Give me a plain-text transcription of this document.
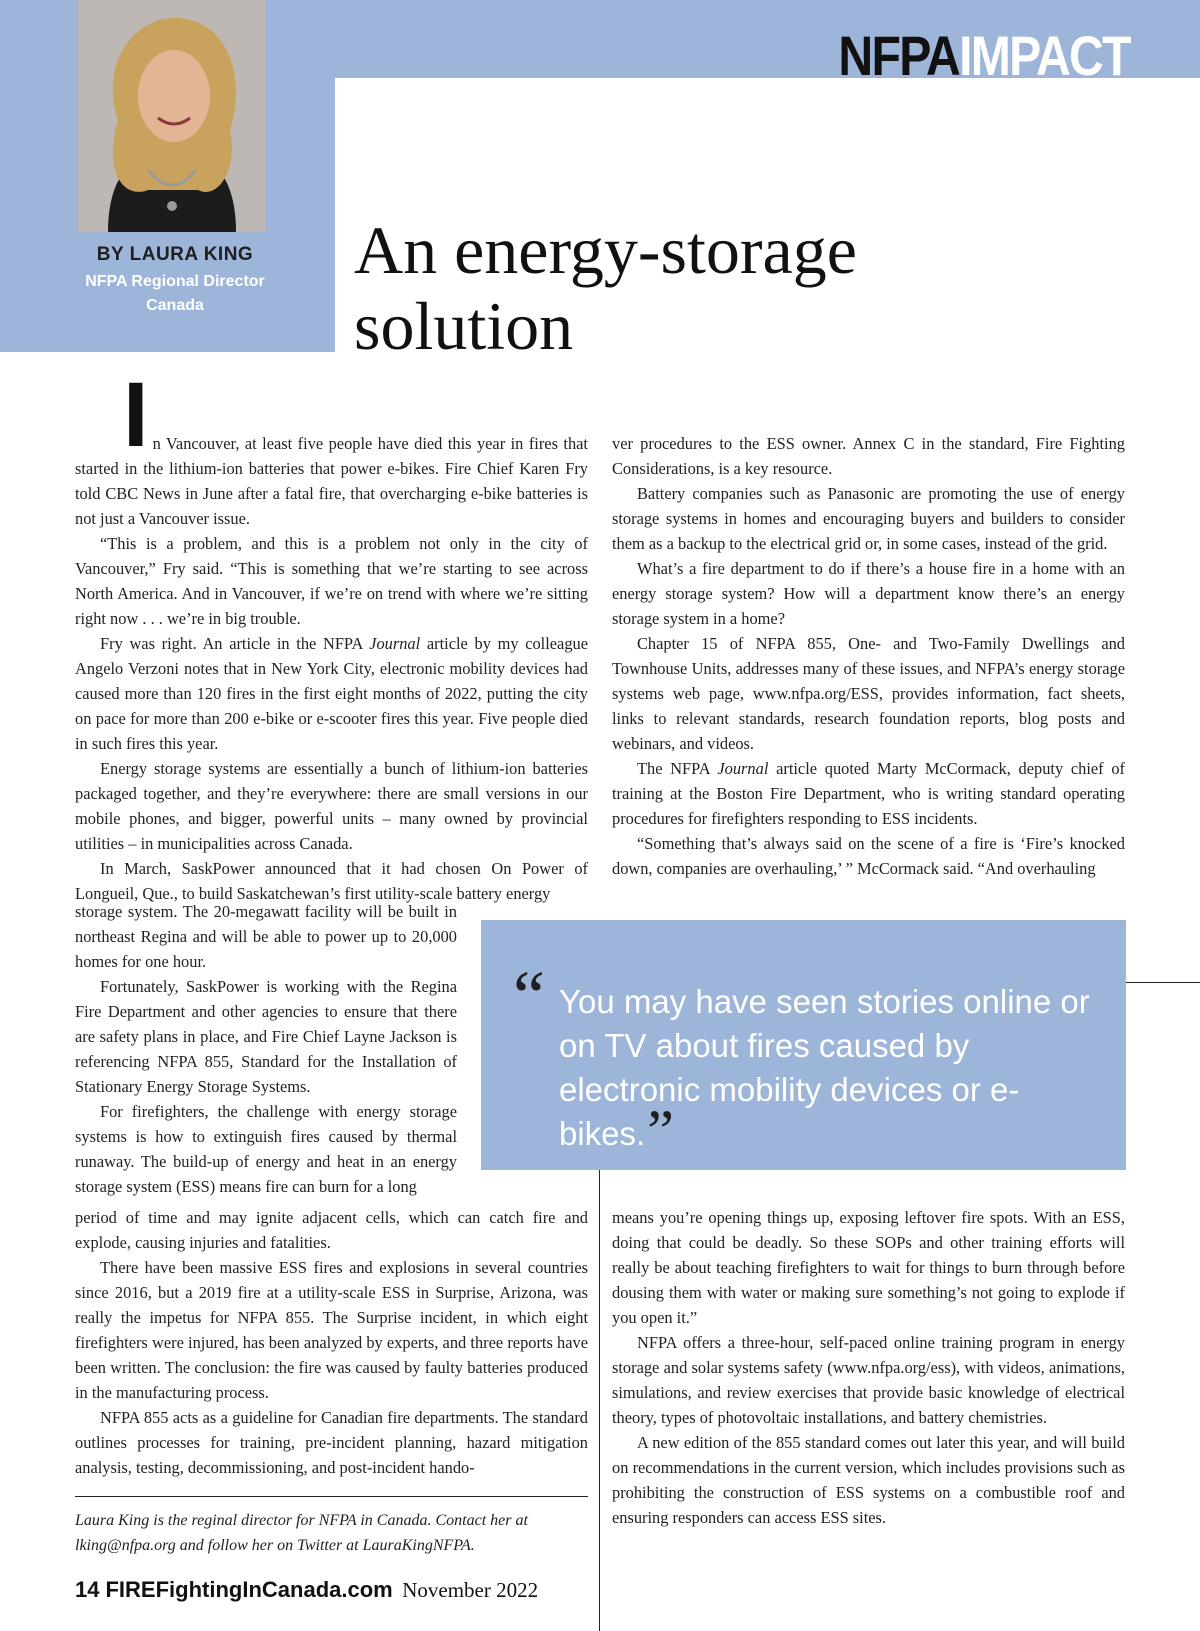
BY LAURA KING
NFPA Regional Director
Canada
NFPAIMPACT
An energy-storage
solution

In Vancouver, at least five people have died this year in fires that started in the lithium-ion batteries that power e-bikes. Fire Chief Karen Fry told CBC News in June after a fatal fire, that overcharging e-bike batteries is not just a Vancouver issue.

“This is a problem, and this is a problem not only in the city of Vancouver,” Fry said. “This is something that we’re starting to see across North America. And in Vancouver, if we’re on trend with where we’re sitting right now . . . we’re in big trouble.

Fry was right. An article in the NFPA Journal article by my colleague Angelo Verzoni notes that in New York City, electronic mobility devices had caused more than 120 fires in the first eight months of 2022, putting the city on pace for more than 200 e-bike or e-scooter fires this year. Five people died in such fires this year.

Energy storage systems are essentially a bunch of lithium-ion batteries packaged together, and they’re everywhere: there are small versions in our mobile phones, and bigger, powerful units – many owned by provincial utilities – in municipalities across Canada.

In March, SaskPower announced that it had chosen On Power of Longueil, Que., to build Saskatchewan’s first utility-scale battery energy

storage system. The 20-megawatt facility will be built in northeast Regina and will be able to power up to 20,000 homes for one hour.

Fortunately, SaskPower is working with the Regina Fire Department and other agencies to ensure that there are safety plans in place, and Fire Chief Layne Jackson is referencing NFPA 855, Standard for the Installation of Stationary Energy Storage Systems.

For firefighters, the challenge with energy storage systems is how to extinguish fires caused by thermal runaway. The build-up of energy and heat in an energy storage system (ESS) means fire can burn for a long

period of time and may ignite adjacent cells, which can catch fire and explode, causing injuries and fatalities.

There have been massive ESS fires and explosions in several countries since 2016, but a 2019 fire at a utility-scale ESS in Surprise, Arizona, was really the impetus for NFPA 855. The Surprise incident, in which eight firefighters were injured, has been analyzed by experts, and three reports have been written. The conclusion: the fire was caused by faulty batteries produced in the manufacturing process.

NFPA 855 acts as a guideline for Canadian fire departments. The standard outlines processes for training, pre-incident planning, hazard mitigation analysis, testing, decommissioning, and post-incident hando-

ver procedures to the ESS owner. Annex C in the standard, Fire Fighting Considerations, is a key resource.

Battery companies such as Panasonic are promoting the use of energy storage systems in homes and encouraging buyers and builders to consider them as a backup to the electrical grid or, in some cases, instead of the grid.

What’s a fire department to do if there’s a house fire in a home with an energy storage system? How will a department know there’s an energy storage system in a home?

Chapter 15 of NFPA 855, One- and Two-Family Dwellings and Townhouse Units, addresses many of these issues, and NFPA’s energy storage systems web page, www.nfpa.org/ESS, provides information, fact sheets, links to relevant standards, research foundation reports, blog posts and webinars, and videos.

The NFPA Journal article quoted Marty McCormack, deputy chief of training at the Boston Fire Department, who is writing standard operating procedures for firefighters responding to ESS incidents.

“Something that’s always said on the scene of a fire is ‘Fire’s knocked down, companies are overhauling,’ ” McCormack said. “And overhauling

“ You may have seen stories online or on TV about fires caused by electronic mobility devices or e-bikes.”

means you’re opening things up, exposing leftover fire spots. With an ESS, doing that could be deadly. So these SOPs and other training efforts will really be about teaching firefighters to wait for things to burn through before dousing them with water or making sure something’s not going to explode if you open it.”

NFPA offers a three-hour, self-paced online training program in energy storage and solar systems safety (www.nfpa.org/ess), with videos, animations, simulations, and review exercises that provide basic knowledge of electrical theory, types of photovoltaic installations, and battery chemistries.

A new edition of the 855 standard comes out later this year, and will build on recommendations in the current version, which includes provisions such as prohibiting the construction of ESS systems on a combustible roof and ensuring responders can access ESS sites.

Laura King is the reginal director for NFPA in Canada. Contact her at lking@nfpa.org and follow her on Twitter at LauraKingNFPA.
14 FIREFightingInCanada.com November 2022
